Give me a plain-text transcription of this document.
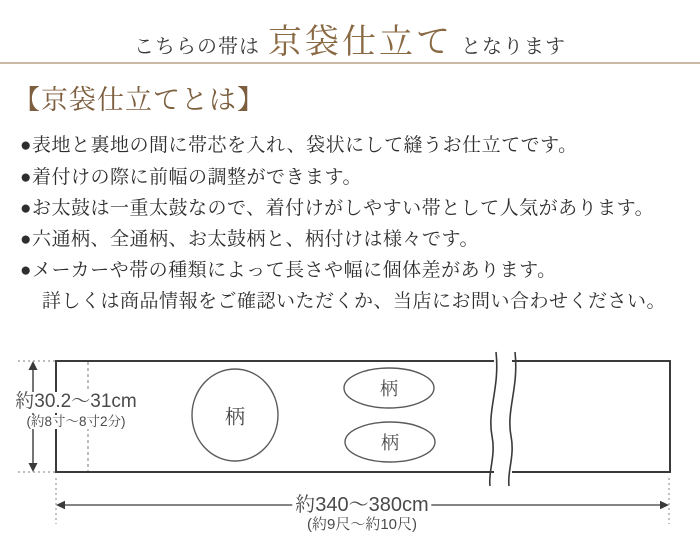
こちらの帯は 京袋仕立て となります
【京袋仕立てとは】
● 表地と裏地の間に帯芯を入れ、袋状にして縫うお仕立てです。
● 着付けの際に前幅の調整ができます。
● お太鼓は一重太鼓なので、着付けがしやすい帯として人気があります。
● 六通柄、全通柄、お太鼓柄と、柄付けは様々です。
● メーカーや帯の種類によって長さや幅に個体差があります。
詳しくは商品情報をご確認いただくか、当店にお問い合わせください。
柄
柄
柄
約30.2〜31cm
(約8寸〜8寸2分)
約340〜380cm
(約9尺〜約10尺)
